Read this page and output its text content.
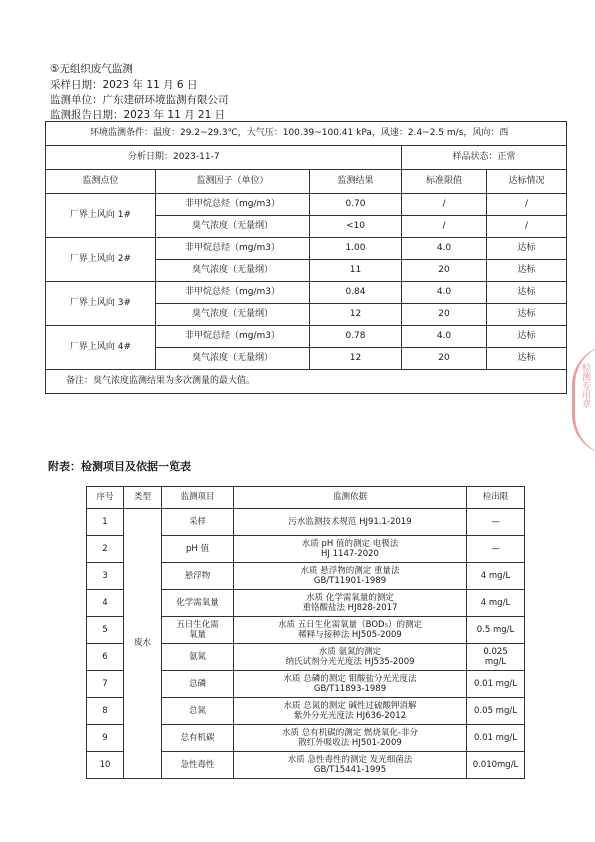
⑤无组织废气监测
采样日期：2023 年 11 月 6 日
监测单位：广东建研环境监测有限公司
监测报告日期：2023 年 11 月 21 日
环境监测条件：温度：29.2~29.3℃，大气压：100.39~100.41 kPa，风速：2.4~2.5 m/s，风向：西				
分析日期：2023-11-7			样品状态：正常	
监测点位	监测因子（单位）	监测结果	标准限值	达标情况
厂界上风向 1#	非甲烷总烃（mg/m3）	0.70	/	/
	臭气浓度（无量纲）	<10	/	/
厂界上风向 2#	非甲烷总烃（mg/m3）	1.00	4.0	达标
	臭气浓度（无量纲）	11	20	达标
厂界上风向 3#	非甲烷总烃（mg/m3）	0.84	4.0	达标
	臭气浓度（无量纲）	12	20	达标
厂界上风向 4#	非甲烷总烃（mg/m3）	0.78	4.0	达标
	臭气浓度（无量纲）	12	20	达标
备注：臭气浓度监测结果为多次测量的最大值。				
附表：检测项目及依据一览表
序号	类型	监测项目	监测依据	检出限
1	废水	采样	污水监测技术规范 HJ91.1-2019	—
2		pH 值	水质 pH 值的测定 电极法
HJ 1147-2020	—
3		悬浮物	水质 悬浮物的测定 重量法
GB/T11901-1989	4 mg/L
4		化学需氧量	水质 化学需氧量的测定
重铬酸盐法 HJ828-2017	4 mg/L
5		五日生化需
氧量	水质 五日生化需氧量（BOD₅）的测定
稀释与接种法 HJ505-2009	0.5 mg/L
6		氨氮	水质 氨氮的测定
纳氏试剂分光光度法 HJ535-2009	0.025
mg/L
7		总磷	水质 总磷的测定 钼酸盐分光光度法
GB/T11893-1989	0.01 mg/L
8		总氮	水质 总氮的测定 碱性过硫酸钾消解
紫外分光光度法 HJ636-2012	0.05 mg/L
9		总有机碳	水质 总有机碳的测定 燃烧氧化-非分
散红外吸收法 HJ501-2009	0.01 mg/L
10		急性毒性	水质 急性毒性的测定 发光细菌法
GB/T15441-1995	0.010mg/L
检测专用章
